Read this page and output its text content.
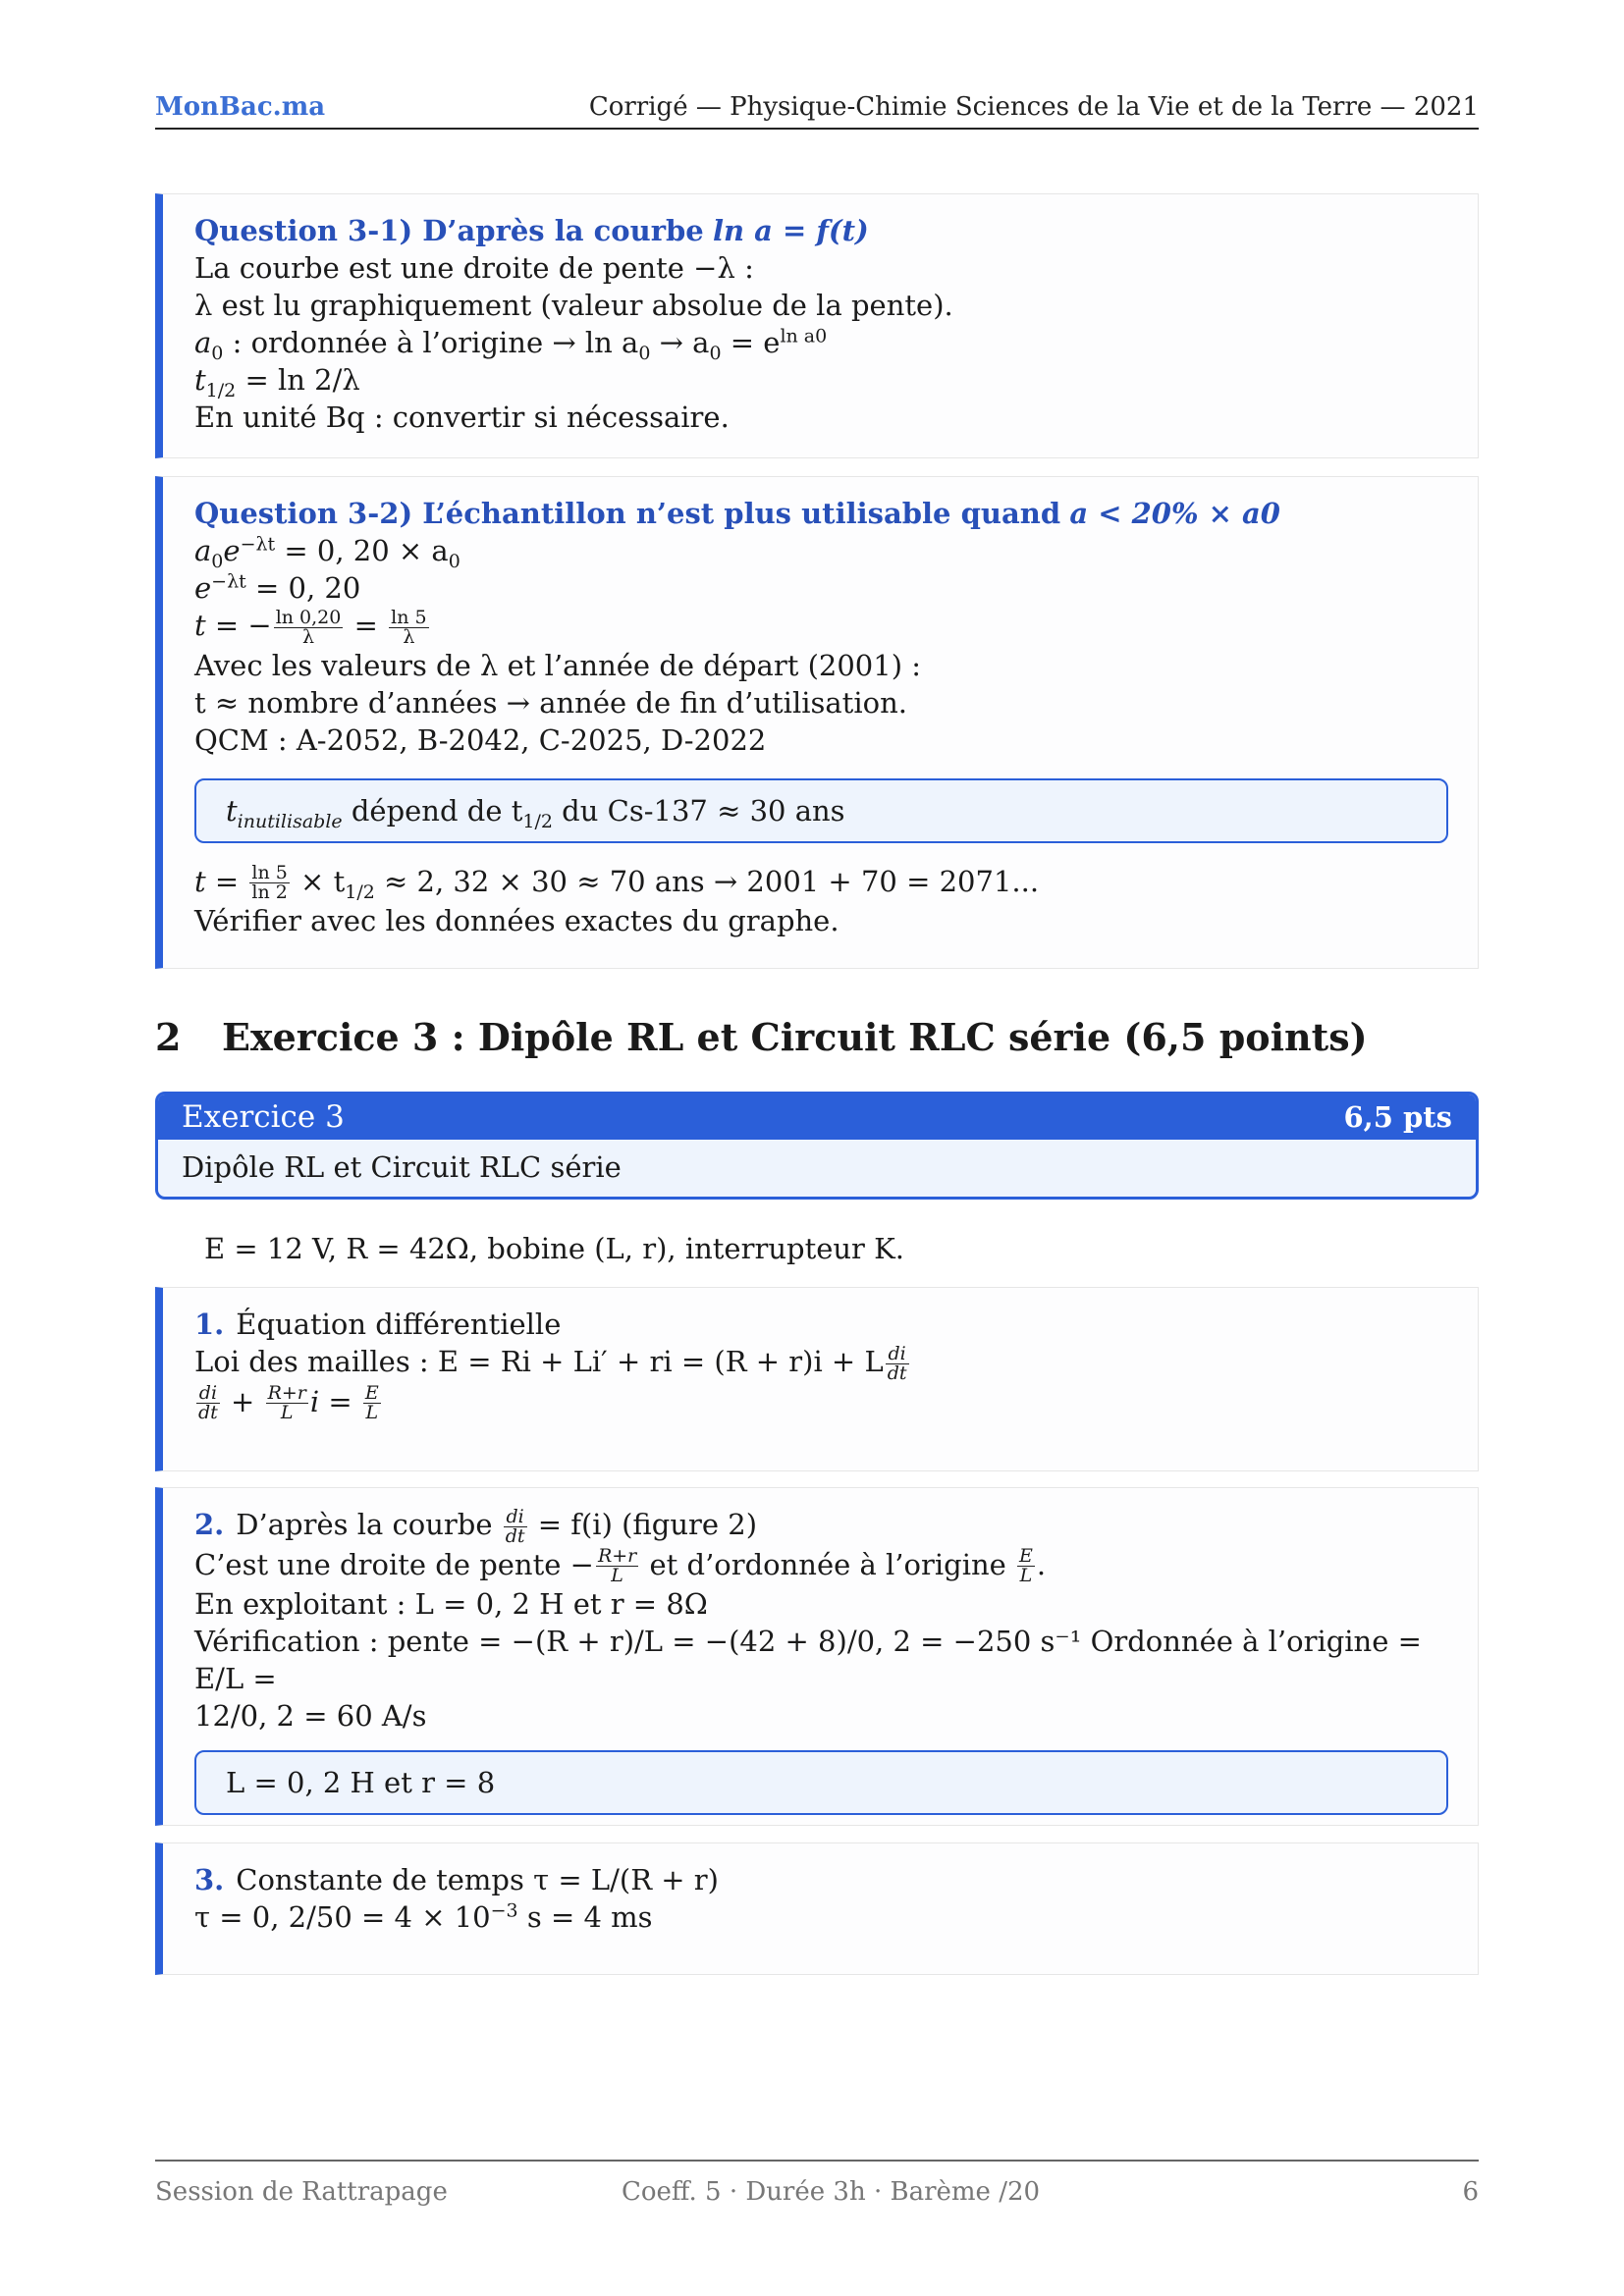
MonBac.ma	Corrigé — Physique-Chimie Sciences de la Vie et de la Terre — 2021
Question 3-1) D’après la courbe ln a = f(t)
La courbe est une droite de pente −λ :
λ est lu graphiquement (valeur absolue de la pente).
$a_0$ : ordonnée à l’origine → $\ln a_0 \to a_0 = e^{ln a0}$
$t_{1/2} = \ln 2/\lambda$
En unité Bq : convertir si nécessaire.
Question 3-2) L’échantillon n’est plus utilisable quand a < 20% × a0
$a_0e^{-\lambda t} = 0$, $20 \times a_0$
$e^{-\lambda t} = 0$, 20
t = − $\frac{\ln 0,20}{\lambda} = \frac{\ln 5}{\lambda}$
Avec les valeurs de λ et l’année de départ (2001) :
t ≈ nombre d’années → année de fin d’utilisation.
QCM : A-2052, B-2042, C-2025, D-2022
$t_{inutilisable}$ dépend de $t_{1/2}$ du Cs-137 ≈ 30 ans
$t = \frac{\ln 5}{\ln 2} \times t_{1/2} \approx 2$, 32 × 30 ≈ 70 ans → 2001 + 70 = 2071...
Vérifier avec les données exactes du graphe.
2 Exercice 3 : Dipôle RL et Circuit RLC série (6,5 points)
Exercice 3	6,5 pts
Dipôle RL et Circuit RLC série
E = 12 V, R = 42Ω, bobine (L, r), interrupteur K.
1. Équation différentielle
Loi des mailles : E = Ri + Li′ + ri = (R + r)i + L $\frac{di}{dt}$
$\frac{di}{dt} + \frac{R+r}{L}$ $i = \frac{E}{L}$
2. D’après la courbe $\frac{di}{dt} = f(i)$ (figure 2)
C’est une droite de pente − $\frac{R+r}{L}$ et d’ordonnée à l’origine $\frac{E}{L}$ .
En exploitant : L = 0, 2 H et r = 8Ω
Vérification : pente = −(R + r)/L = −(42 + 8)/0, 2 = −250 s⁻¹ Ordonnée à l’origine = E/L =
12/0, 2 = 60 A/s
L = 0, 2 H et r = 8
3. Constante de temps τ = L/(R + r)
τ = 0, $2/50 = 4 \times 10^{-3}$ s = 4 ms
Session de Rattrapage	Coeff. 5 · Durée 3h · Barème /20	6
